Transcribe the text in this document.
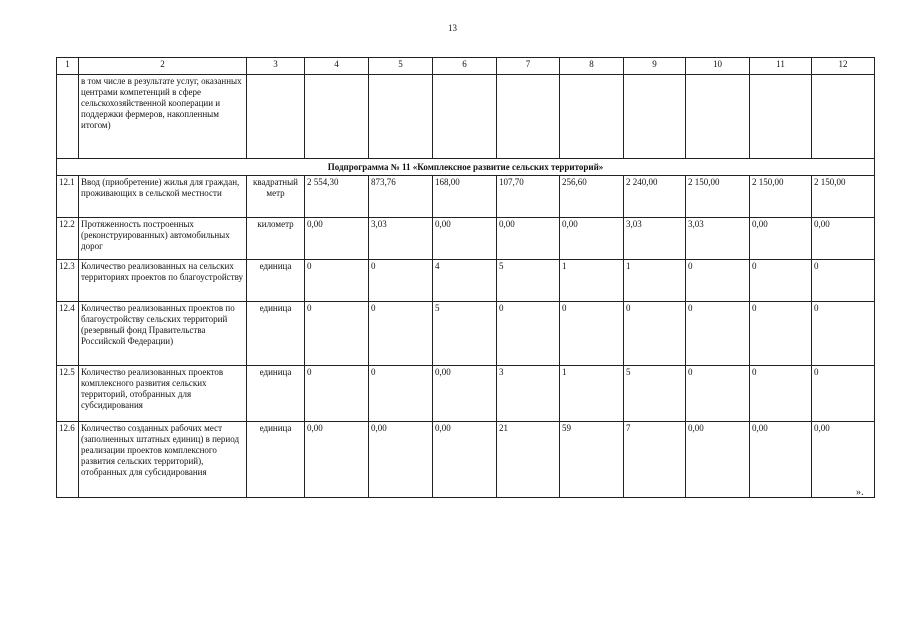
13
1	2	3	4	5	6	7	8	9	10	11	12
	в том числе в результате услуг, оказанных центрами компетенций в сфере сельскохозяйственной кооперации и поддержки фермеров, накопленным итогом)										
Подпрограмма № 11 «Комплексное развитие сельских территорий»											
12.1	Ввод (приобретение) жилья для граждан, проживающих в сельской местности	квадратный метр	2 554,30	873,76	168,00	107,70	256,60	2 240,00	2 150,00	2 150,00	2 150,00
12.2	Протяженность построенных (реконструированных) автомобильных дорог	километр	0,00	3,03	0,00	0,00	0,00	3,03	3,03	0,00	0,00
12.3	Количество реализованных на сельских территориях проектов по благоустройству	единица	0	0	4	5	1	1	0	0	0
12.4	Количество реализованных проектов по благоустройству сельских территорий (резервный фонд Правительства Российской Федерации)	единица	0	0	5	0	0	0	0	0	0
12.5	Количество реализованных проектов комплексного развития сельских территорий, отобранных для субсидирования	единица	0	0	0,00	3	1	5	0	0	0
12.6	Количество созданных рабочих мест (заполненных штатных единиц) в период реализации проектов комплексного развития сельских территорий), отобранных для субсидирования	единица	0,00	0,00	0,00	21	59	7	0,00	0,00	0,00
».
